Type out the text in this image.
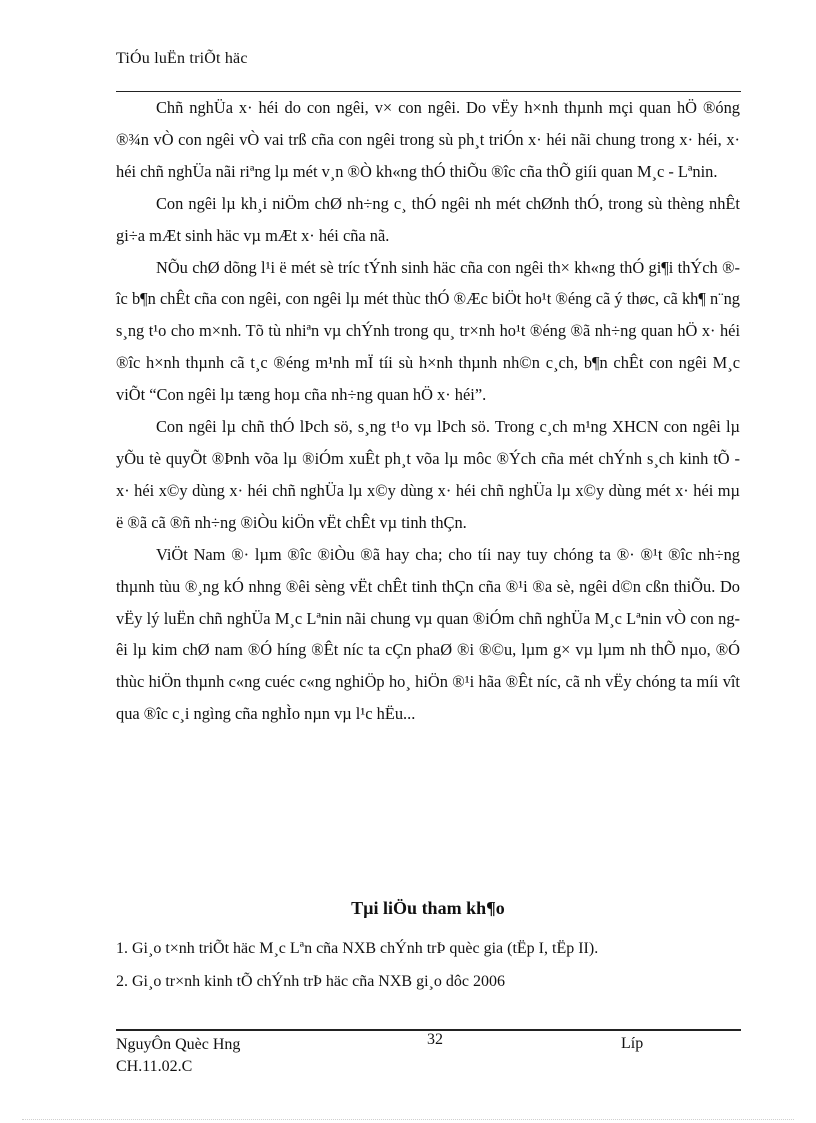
TiÓu luËn triÕt häc

Chñ nghÜa x· héi do con ngêi, v× con ngêi. Do vËy h×nh thµnh mçi quan hÖ ®óng ®¾n vÒ con ngêi vÒ vai trß cña con ngêi trong sù ph¸t triÓn x· héi nãi chung trong x· héi, x· héi chñ nghÜa nãi riªng lµ mét v¸n ®Ò kh«ng thÓ thiÕu ®îc cña thÕ giíi quan M¸c - Lªnin.

Con ngêi lµ kh¸i niÖm chØ nh÷ng c¸ thÓ ngêi nh mét chØnh thÓ, trong sù thèng nhÊt gi÷a mÆt sinh häc vµ mÆt x· héi cña nã.

NÕu chØ dõng l¹i ë mét sè tríc tÝnh sinh häc cña con ngêi th× kh«ng thÓ gi¶i thÝch ®îc b¶n chÊt cña con ngêi, con ngêi lµ mét thùc thÓ ®Æc biÖt ho¹t ®éng cã ý thøc, cã kh¶ n¨ng s¸ng t¹o cho m×nh. Tõ tù nhiªn vµ chÝnh trong qu¸ tr×nh ho¹t ®éng ®ã nh÷ng quan hÖ x· héi ®îc h×nh thµnh cã t¸c ®éng m¹nh mÏ tíi sù h×nh thµnh nh©n c¸ch, b¶n chÊt con ngêi M¸c viÕt “Con ngêi lµ tæng hoµ cña nh÷ng quan hÖ x· héi”.

Con ngêi lµ chñ thÓ lÞch sö, s¸ng t¹o vµ lÞch sö. Trong c¸ch m¹ng XHCN con ngêi lµ yÕu tè quyÕt ®Þnh võa lµ ®iÓm xuÊt ph¸t võa lµ môc ®Ých cña mét chÝnh s¸ch kinh tÕ - x· héi x©y dùng x· héi chñ nghÜa lµ x©y dùng x· héi chñ nghÜa lµ x©y dùng mét x· héi mµ ë ®ã cã ®ñ nh÷ng ®iÒu kiÖn vËt chÊt vµ tinh thÇn.

ViÖt Nam ®· lµm ®îc ®iÒu ®ã hay cha; cho tíi nay tuy chóng ta ®· ®¹t ®îc nh÷ng thµnh tùu ®¸ng kÓ nhng ®êi sèng vËt chÊt tinh thÇn cña ®¹i ®a sè, ngêi d©n cßn thiÕu. Do vËy lý luËn chñ nghÜa M¸c Lªnin nãi chung vµ quan ®iÓm chñ nghÜa M¸c Lªnin vÒ con ngêi lµ kim chØ nam ®Ó híng ®Êt níc ta cÇn phaØ ®i ®©u, lµm g× vµ lµm nh thÕ nµo, ®Ó thùc hiÖn thµnh c«ng cuéc c«ng nghiÖp ho¸ hiÖn ®¹i hãa ®Êt níc, cã nh vËy chóng ta míi vît qua ®îc c¸i ngìng cña nghÌo nµn vµ l¹c hËu...

Tµi liÖu tham kh¶o
1. Gi¸o t×nh triÕt häc M¸c Lªn cña NXB chÝnh trÞ quèc gia (tËp I, tËp II).
2. Gi¸o tr×nh kinh tÕ chÝnh trÞ häc cña NXB gi¸o dôc 2006
NguyÔn Quèc Hng
CH.11.02.C
32	Líp
